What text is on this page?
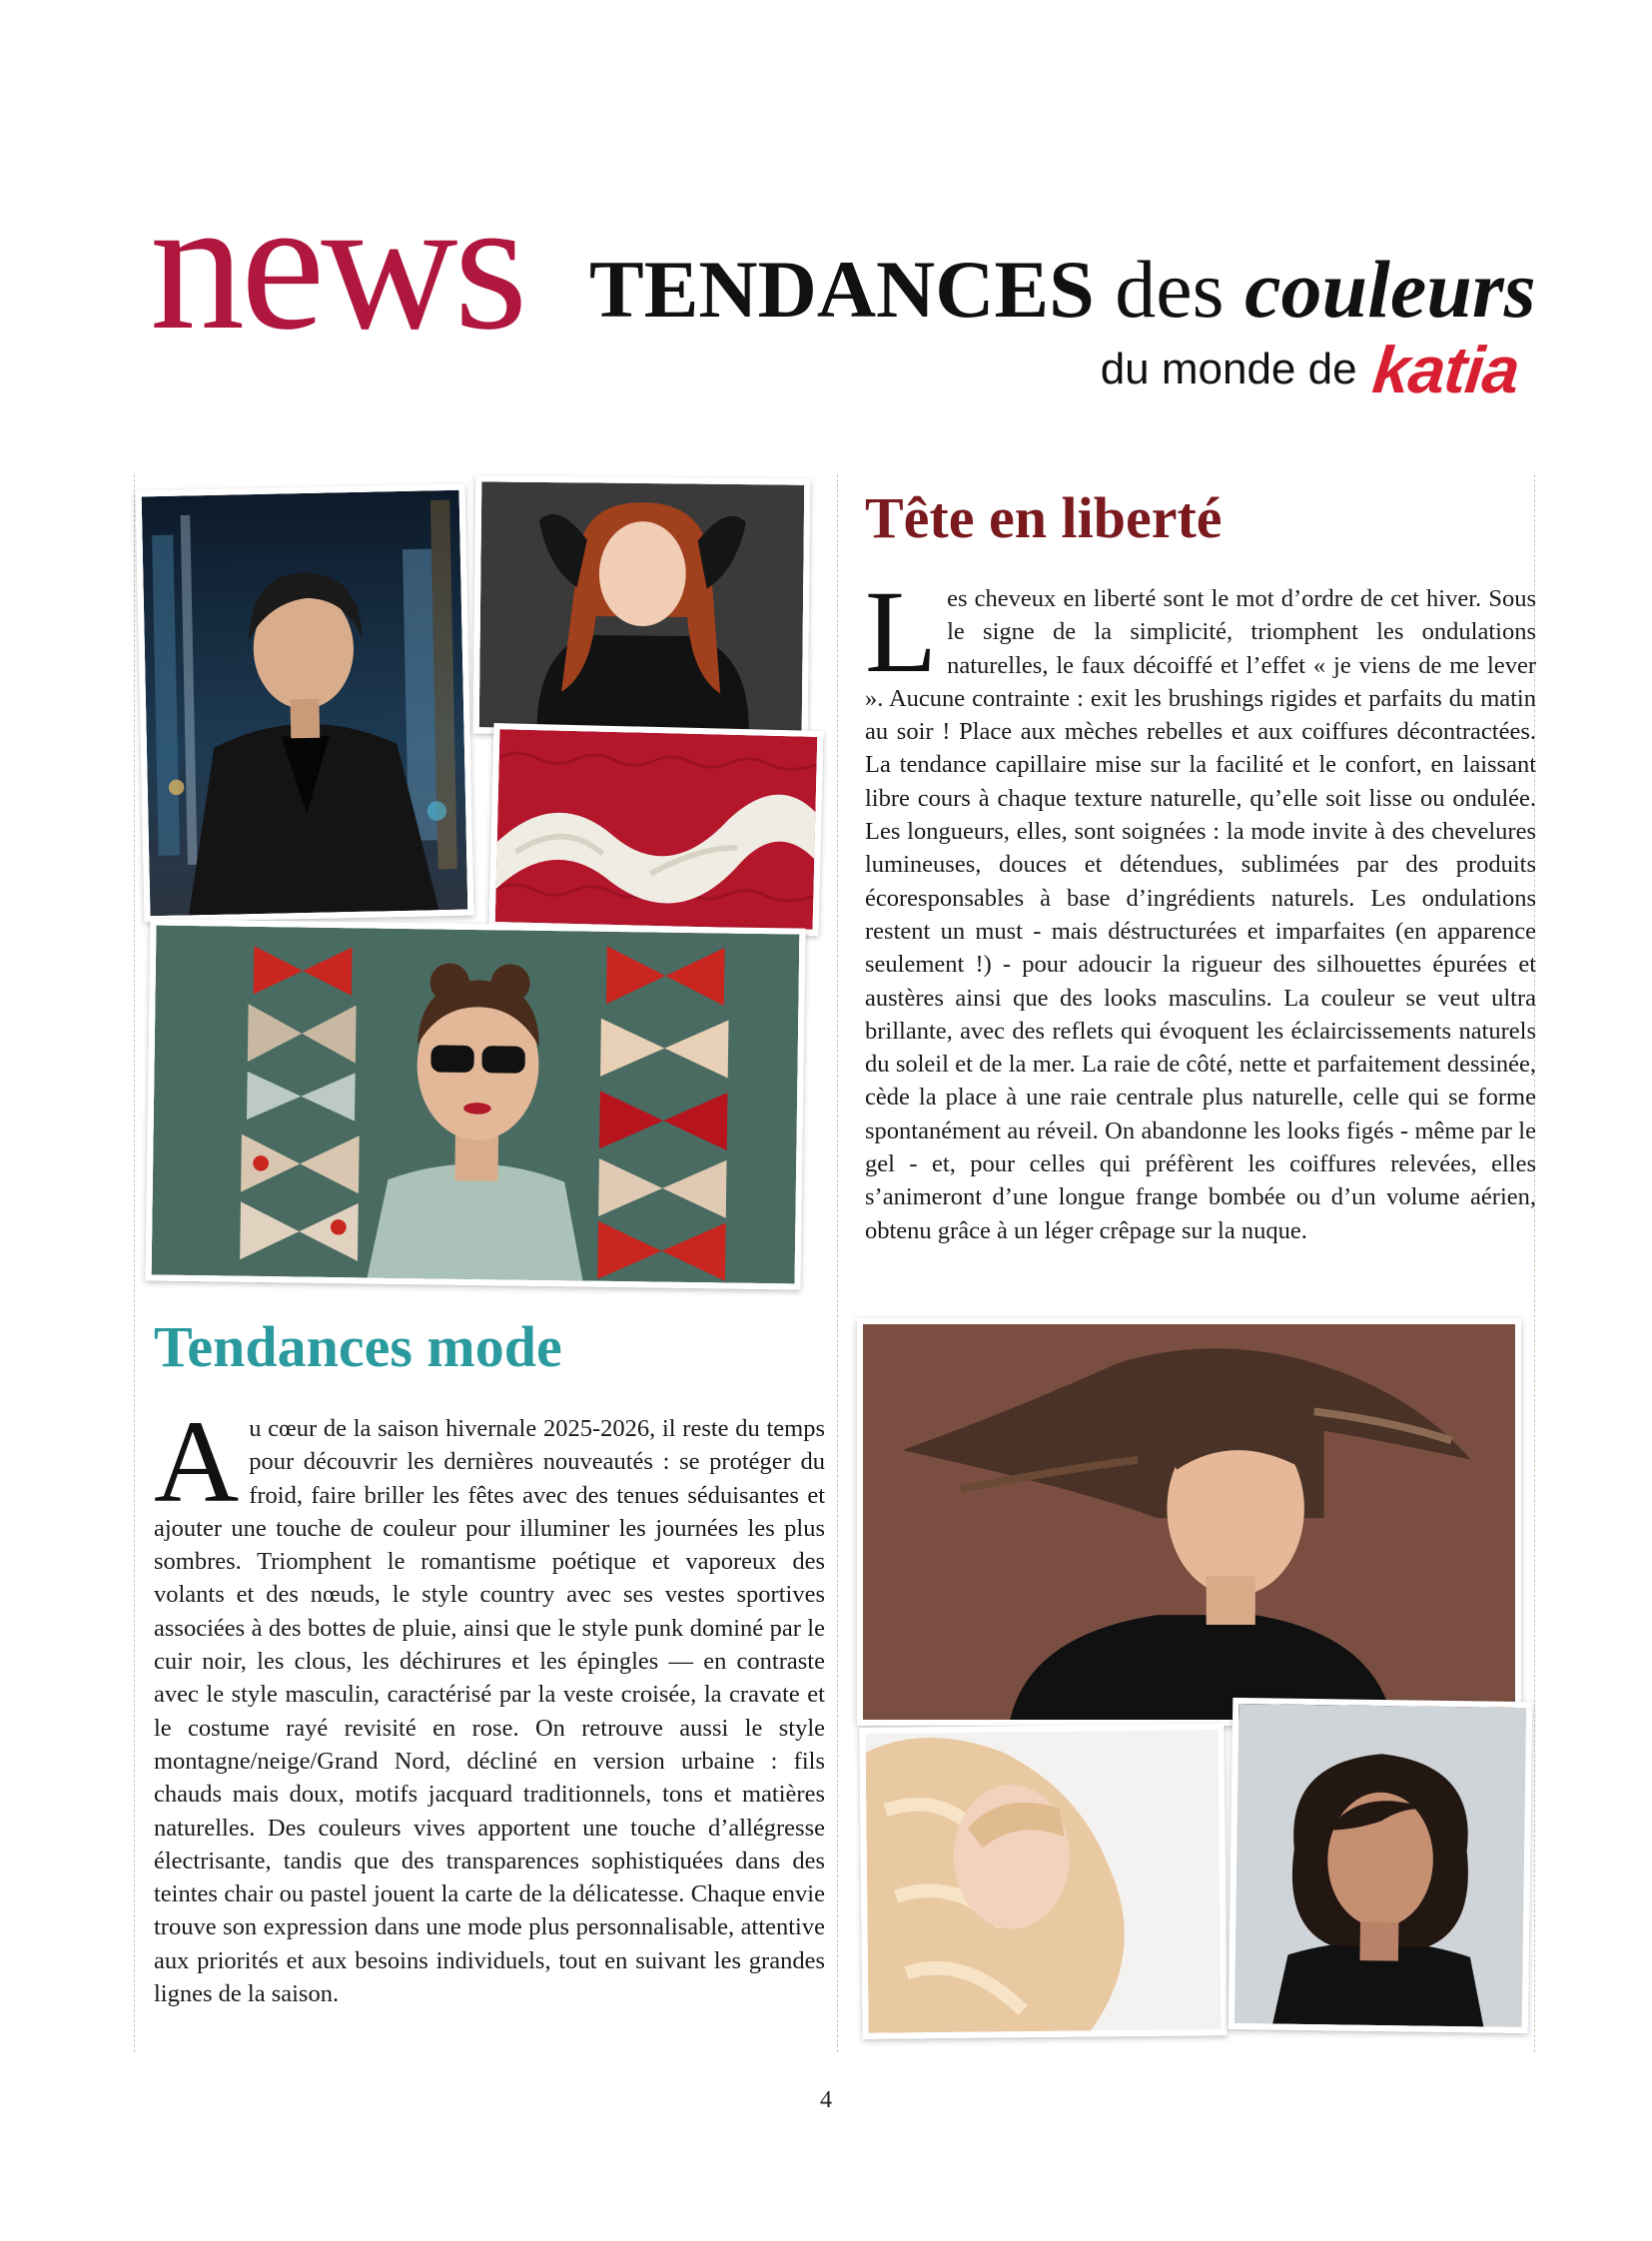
news TENDANCES des couleurs
du monde de katia
Tête en liberté
Les cheveux en liberté sont le mot d’ordre de cet hiver. Sous le signe de la simplicité, triomphent les ondulations naturelles, le faux décoiffé et l’effet « je viens de me lever ». Aucune contrainte : exit les brushings rigides et parfaits du matin au soir ! Place aux mèches rebelles et aux coiffures décontractées. La tendance capillaire mise sur la facilité et le confort, en laissant libre cours à chaque texture naturelle, qu’elle soit lisse ou ondulée. Les longueurs, elles, sont soignées : la mode invite à des chevelures lumineuses, douces et détendues, sublimées par des produits écoresponsables à base d’ingrédients naturels. Les ondulations restent un must - mais déstructurées et imparfaites (en apparence seulement !) - pour adoucir la rigueur des silhouettes épurées et austères ainsi que des looks masculins. La couleur se veut ultra brillante, avec des reflets qui évoquent les éclaircissements naturels du soleil et de la mer. La raie de côté, nette et parfaitement dessinée, cède la place à une raie centrale plus naturelle, celle qui se forme spontanément au réveil. On abandonne les looks figés - même par le gel - et, pour celles qui préfèrent les coiffures relevées, elles s’animeront d’une longue frange bombée ou d’un volume aérien, obtenu grâce à un léger crêpage sur la nuque.
Tendances mode
Au cœur de la saison hivernale 2025-2026, il reste du temps pour découvrir les dernières nouveautés : se protéger du froid, faire briller les fêtes avec des tenues séduisantes et ajouter une touche de couleur pour illuminer les journées les plus sombres. Triomphent le romantisme poétique et vaporeux des volants et des nœuds, le style country avec ses vestes sportives associées à des bottes de pluie, ainsi que le style punk dominé par le cuir noir, les clous, les déchirures et les épingles — en contraste avec le style masculin, caractérisé par la veste croisée, la cravate et le costume rayé revisité en rose. On retrouve aussi le style montagne/neige/Grand Nord, décliné en version urbaine : fils chauds mais doux, motifs jacquard traditionnels, tons et matières naturelles. Des couleurs vives apportent une touche d’allégresse électrisante, tandis que des transparences sophistiquées dans des teintes chair ou pastel jouent la carte de la délicatesse. Chaque envie trouve son expression dans une mode plus personnalisable, attentive aux priorités et aux besoins individuels, tout en suivant les grandes lignes de la saison.
4
